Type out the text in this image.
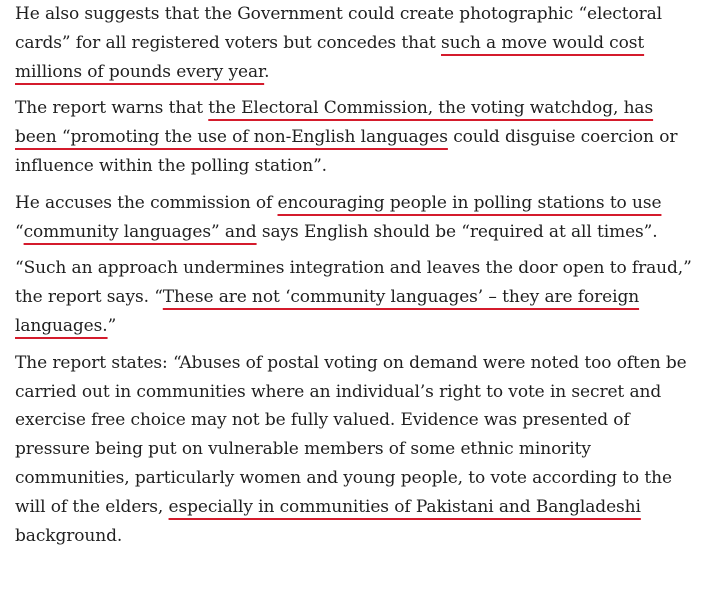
He also suggests that the Government could create photographic “electoral
cards” for all registered voters but concedes that such a move would cost
millions of pounds every year.

The report warns that the Electoral Commission, the voting watchdog, has
been “promoting the use of non-English languages could disguise coercion or
influence within the polling station”.

He accuses the commission of encouraging people in polling stations to use
“community languages” and says English should be “required at all times”.

“Such an approach undermines integration and leaves the door open to fraud,”
the report says. “These are not ‘community languages’ – they are foreign
languages.”

The report states: “Abuses of postal voting on demand were noted too often be
carried out in communities where an individual’s right to vote in secret and
exercise free choice may not be fully valued. Evidence was presented of
pressure being put on vulnerable members of some ethnic minority
communities, particularly women and young people, to vote according to the
will of the elders, especially in communities of Pakistani and Bangladeshi
background.
